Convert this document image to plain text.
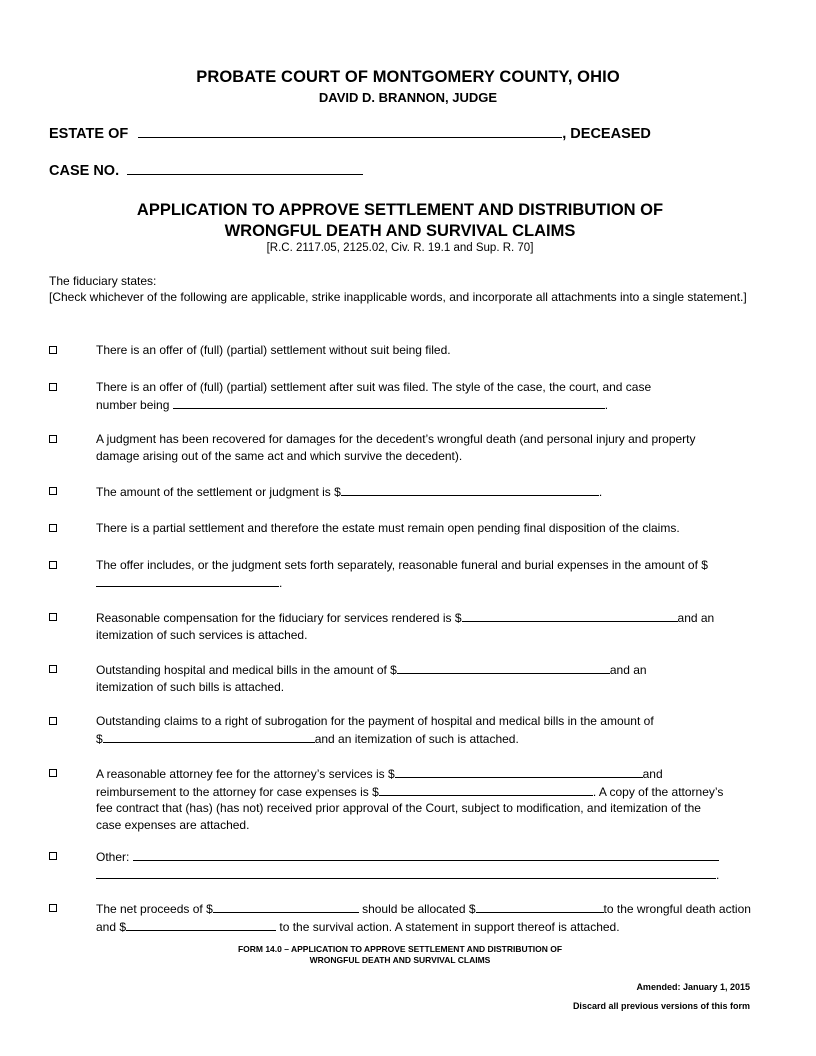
PROBATE COURT OF MONTGOMERY COUNTY, OHIO
DAVID D. BRANNON, JUDGE
ESTATE OF	, DECEASED
CASE NO.
APPLICATION TO APPROVE SETTLEMENT AND DISTRIBUTION OF
WRONGFUL DEATH AND SURVIVAL CLAIMS
[R.C. 2117.05, 2125.02, Civ. R. 19.1 and Sup. R. 70]
The fiduciary states:
[Check whichever of the following are applicable, strike inapplicable words, and incorporate all attachments into a single statement.]
There is an offer of (full) (partial) settlement without suit being filed.
There is an offer of (full) (partial) settlement after suit was filed. The style of the case, the court, and case
number being	.
A judgment has been recovered for damages for the decedent’s wrongful death (and personal injury and property damage arising out of the same act and which survive the decedent).
The amount of the settlement or judgment is $	.
There is a partial settlement and therefore the estate must remain open pending final disposition of the claims.
The offer includes, or the judgment sets forth separately, reasonable funeral and burial expenses in the amount of $.
Reasonable compensation for the fiduciary for services rendered is $	and an itemization of such services is attached.
Outstanding hospital and medical bills in the amount of $	and an itemization of such bills is attached.
Outstanding claims to a right of subrogation for the payment of hospital and medical bills in the amount of
$	and an itemization of such is attached.
A reasonable attorney fee for the attorney’s services is $	and reimbursement to the attorney for case expenses is $	. A copy of the attorney’s fee contract that (has) (has not) received prior approval of the Court, subject to modification, and itemization of the case expenses are attached.
Other:
.
The net proceeds of $	should be allocated $	to the wrongful death action and $	to the survival action. A statement in support thereof is attached.
FORM 14.0 – APPLICATION TO APPROVE SETTLEMENT AND DISTRIBUTION OF
WRONGFUL DEATH AND SURVIVAL CLAIMS
Amended: January 1, 2015
Discard all previous versions of this form
